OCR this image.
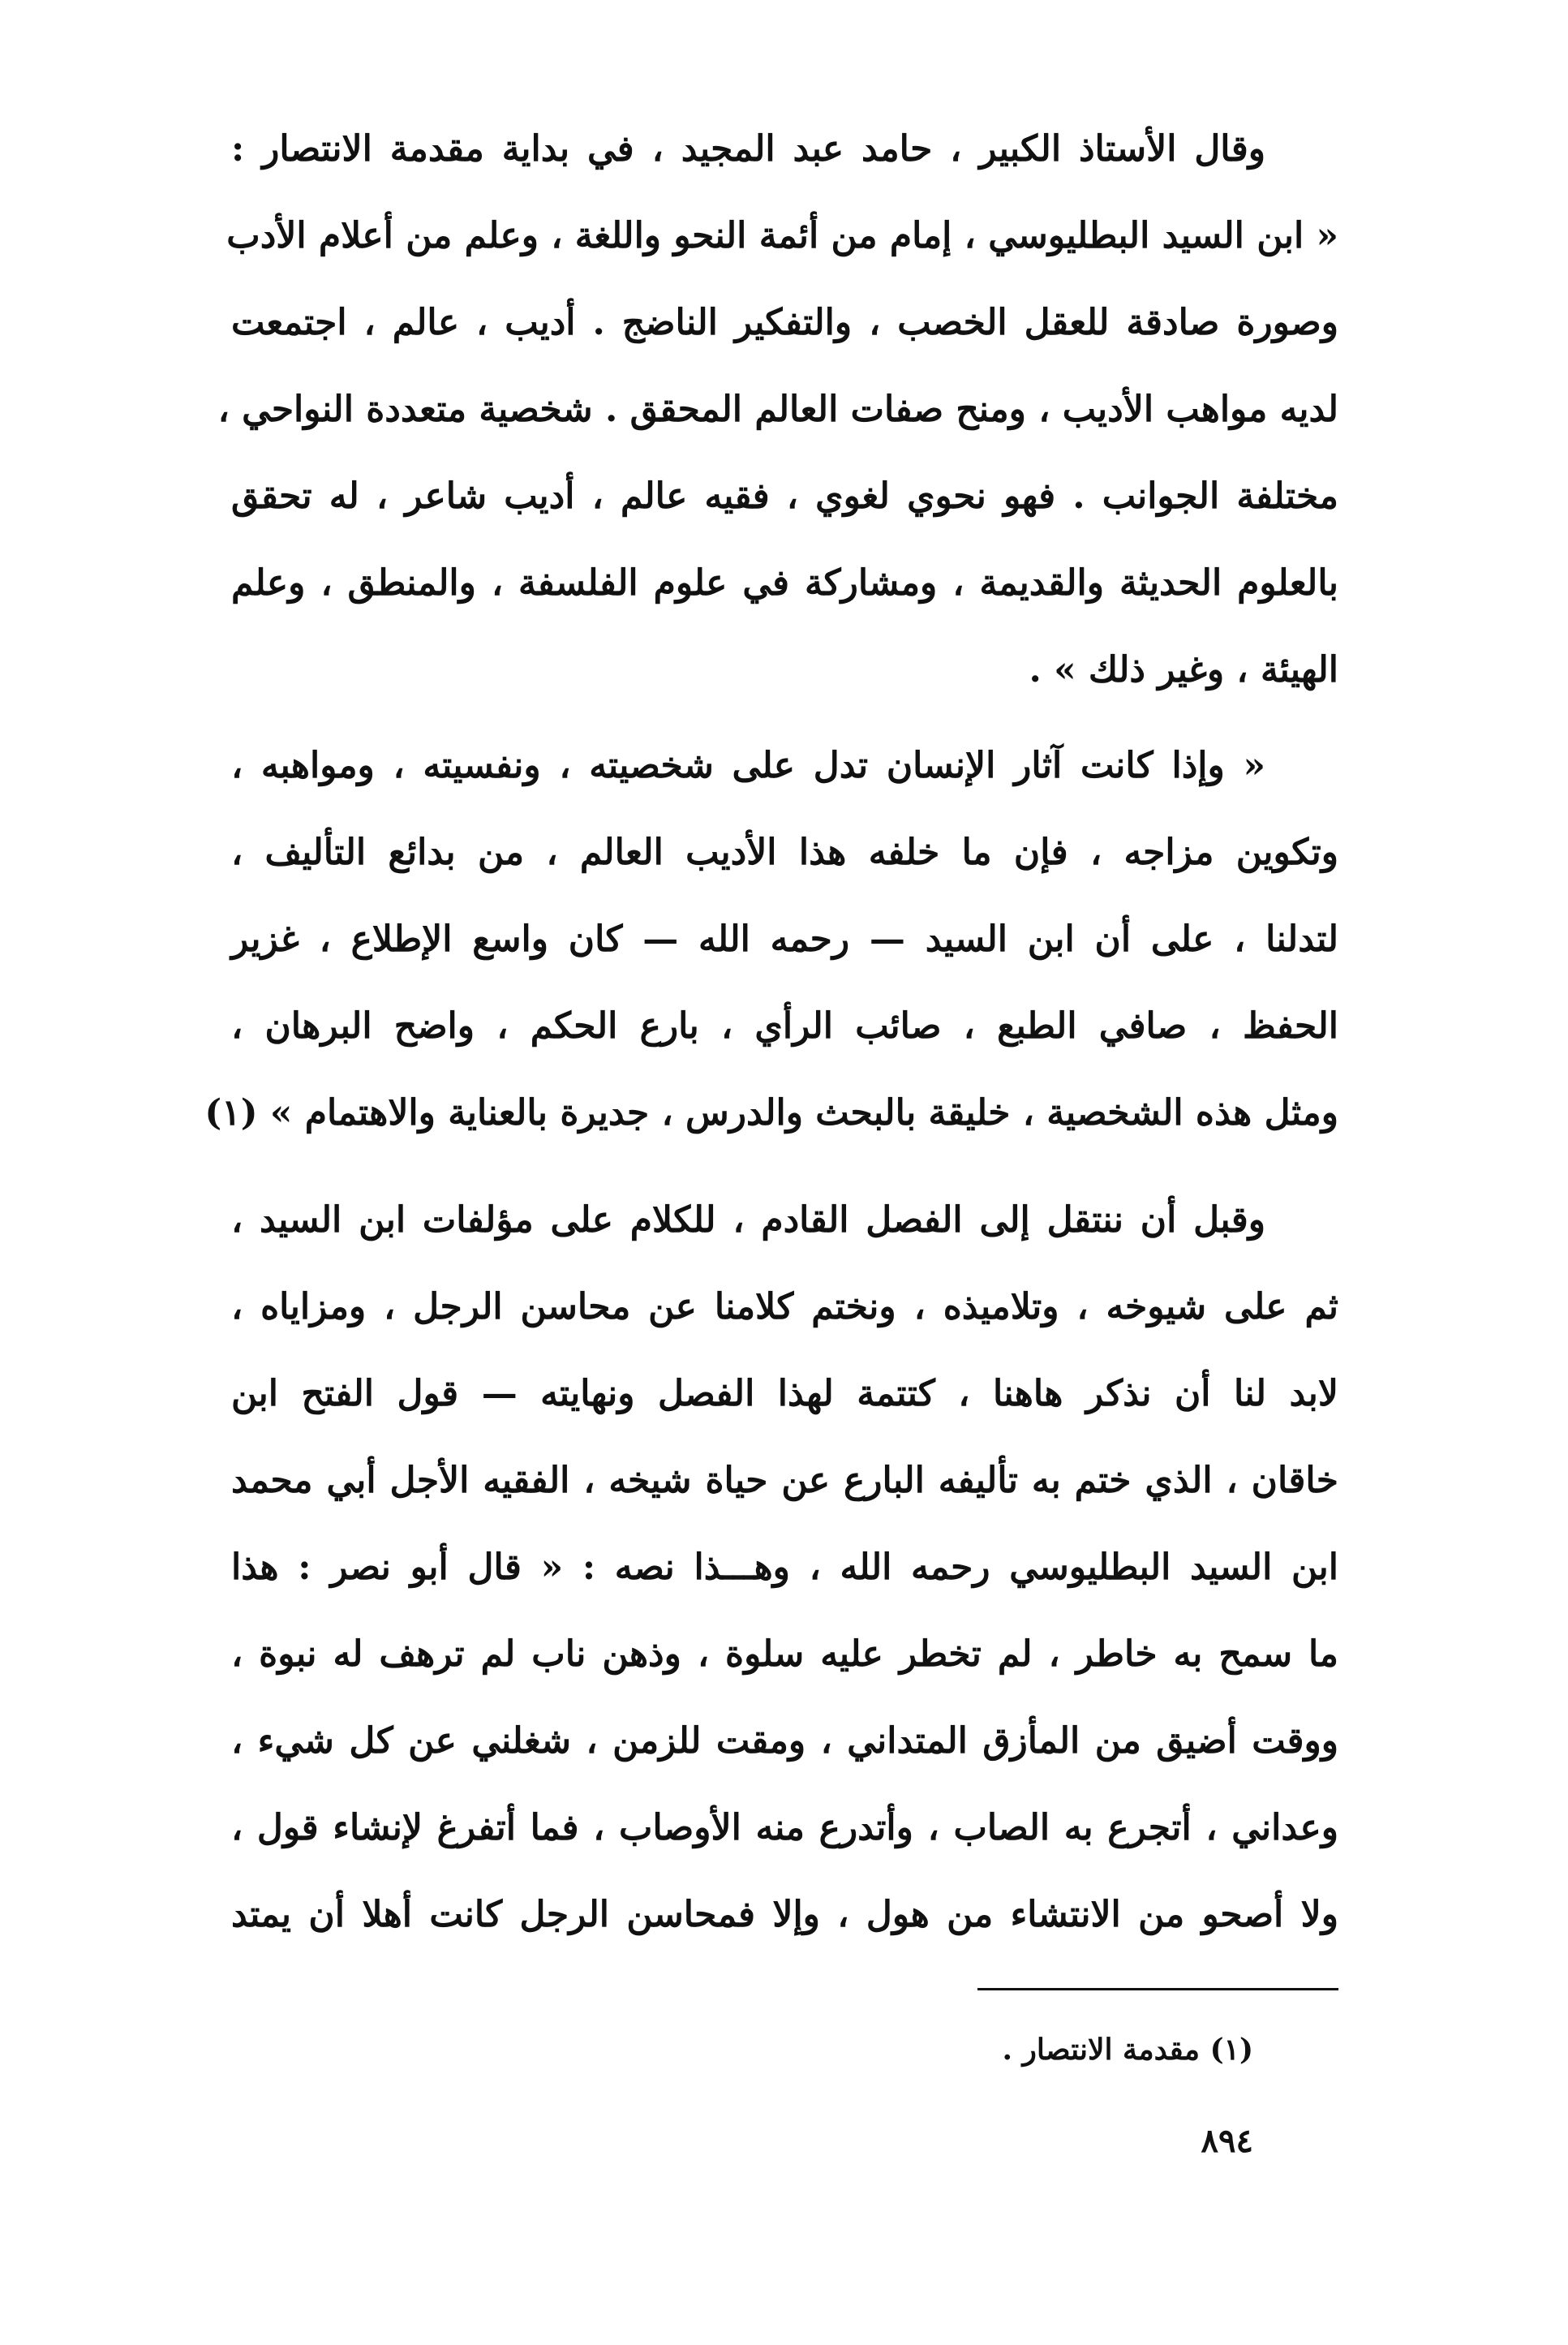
وقال الأستاذ الكبير ، حامد عبد المجيد ، في بداية مقدمة الانتصار :
« ابن السيد البطليوسي ، إمام من أئمة النحو واللغة ، وعلم من أعلام الأدب
وصورة صادقة للعقل الخصب ، والتفكير الناضج . أديب ، عالم ، اجتمعت
لديه مواهب الأديب ، ومنح صفات العالم المحقق . شخصية متعددة النواحي ،
مختلفة الجوانب . فهو نحوي لغوي ، فقيه عالم ، أديب شاعر ، له تحقق
بالعلوم الحديثة والقديمة ، ومشاركة في علوم الفلسفة ، والمنطق ، وعلم
الهيئة ، وغير ذلك » .
« وإذا كانت آثار الإنسان تدل على شخصيته ، ونفسيته ، ومواهبه ،
وتكوين مزاجه ، فإن ما خلفه هذا الأديب العالم ، من بدائع التأليف ،
لتدلنا ، على أن ابن السيد — رحمه الله — كان واسع الإطلاع ، غزير
الحفظ ، صافي الطبع ، صائب الرأي ، بارع الحكم ، واضح البرهان ،
ومثل هذه الشخصية ، خليقة بالبحث والدرس ، جديرة بالعناية والاهتمام » (١)
وقبل أن ننتقل إلى الفصل القادم ، للكلام على مؤلفات ابن السيد ،
ثم على شيوخه ، وتلاميذه ، ونختم كلامنا عن محاسن الرجل ، ومزاياه ،
لابد لنا أن نذكر هاهنا ، كتتمة لهذا الفصل ونهايته — قول الفتح ابن
خاقان ، الذي ختم به تأليفه البارع عن حياة شيخه ، الفقيه الأجل أبي محمد
ابن السيد البطليوسي رحمه الله ، وهـــذا نصه : « قال أبو نصر : هذا
ما سمح به خاطر ، لم تخطر عليه سلوة ، وذهن ناب لم ترهف له نبوة ،
ووقت أضيق من المأزق المتداني ، ومقت للزمن ، شغلني عن كل شيء ،
وعداني ، أتجرع به الصاب ، وأتدرع منه الأوصاب ، فما أتفرغ لإنشاء قول ،
ولا أصحو من الانتشاء من هول ، وإلا فمحاسن الرجل كانت أهلا أن يمتد
(١) مقدمة الانتصار .
٨٩٤
